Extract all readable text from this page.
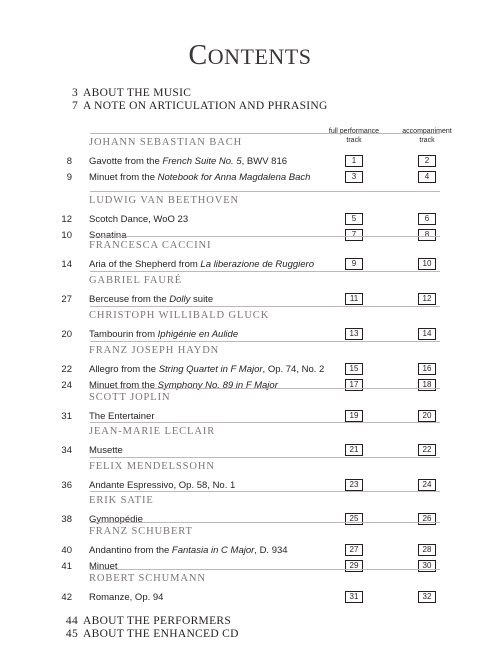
CONTENTS
3 ABOUT THE MUSIC
7 A NOTE ON ARTICULATION AND PHRASING
full performance track
accompaniment track
JOHANN SEBASTIAN BACH
8 Gavotte from the French Suite No. 5, BWV 816	1	2
9 Minuet from the Notebook for Anna Magdalena Bach	3	4
LUDWIG VAN BEETHOVEN
12 Scotch Dance, WoO 23	5	6
10 Sonatina	7	8
FRANCESCA CACCINI
14 Aria of the Shepherd from La liberazione de Ruggiero	9	10
GABRIEL FAURÉ
27 Berceuse from the Dolly suite	11	12
CHRISTOPH WILLIBALD GLUCK
20 Tambourin from Iphigénie en Aulide	13	14
FRANZ JOSEPH HAYDN
22 Allegro from the String Quartet in F Major, Op. 74, No. 2	15	16
24 Minuet from the Symphony No. 89 in F Major	17	18
SCOTT JOPLIN
31 The Entertainer	19	20
JEAN-MARIE LECLAIR
34 Musette	21	22
FELIX MENDELSSOHN
36 Andante Espressivo, Op. 58, No. 1	23	24
ERIK SATIE
38 Gymnopédie	25	26
FRANZ SCHUBERT
40 Andantino from the Fantasia in C Major, D. 934	27	28
41 Minuet	29	30
ROBERT SCHUMANN
42 Romanze, Op. 94	31	32
44 ABOUT THE PERFORMERS
45 ABOUT THE ENHANCED CD
